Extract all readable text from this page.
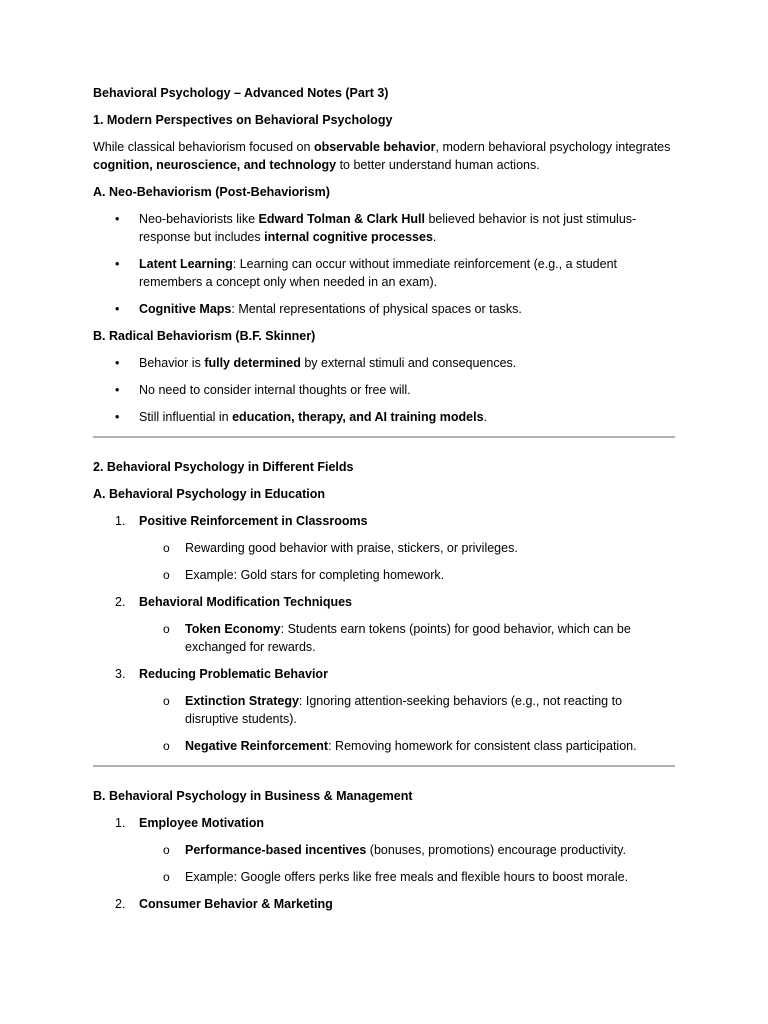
Behavioral Psychology – Advanced Notes (Part 3)
1. Modern Perspectives on Behavioral Psychology
While classical behaviorism focused on observable behavior, modern behavioral psychology integrates cognition, neuroscience, and technology to better understand human actions.
A. Neo-Behaviorism (Post-Behaviorism)
• Neo-behaviorists like Edward Tolman & Clark Hull believed behavior is not just stimulus-response but includes internal cognitive processes.
• Latent Learning: Learning can occur without immediate reinforcement (e.g., a student remembers a concept only when needed in an exam).
• Cognitive Maps: Mental representations of physical spaces or tasks.
B. Radical Behaviorism (B.F. Skinner)
• Behavior is fully determined by external stimuli and consequences.
• No need to consider internal thoughts or free will.
• Still influential in education, therapy, and AI training models.
2. Behavioral Psychology in Different Fields
A. Behavioral Psychology in Education
1. Positive Reinforcement in Classrooms
o Rewarding good behavior with praise, stickers, or privileges.
o Example: Gold stars for completing homework.
2. Behavioral Modification Techniques
o Token Economy: Students earn tokens (points) for good behavior, which can be exchanged for rewards.
3. Reducing Problematic Behavior
o Extinction Strategy: Ignoring attention-seeking behaviors (e.g., not reacting to disruptive students).
o Negative Reinforcement: Removing homework for consistent class participation.
B. Behavioral Psychology in Business & Management
1. Employee Motivation
o Performance-based incentives (bonuses, promotions) encourage productivity.
o Example: Google offers perks like free meals and flexible hours to boost morale.
2. Consumer Behavior & Marketing
